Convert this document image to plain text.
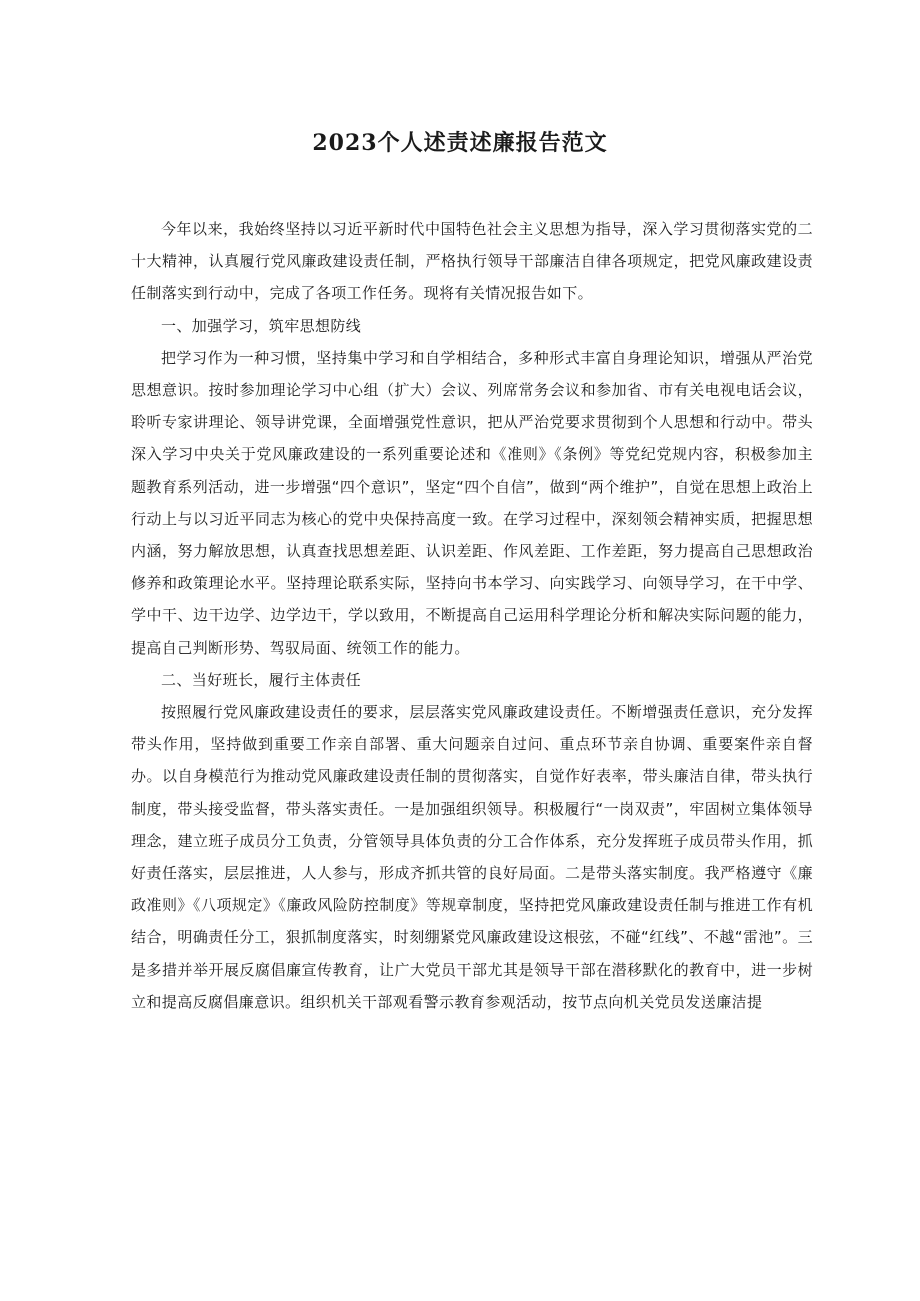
2023个人述责述廉报告范文

今年以来，我始终坚持以习近平新时代中国特色社会主义思想为指导，深入学习贯彻落实党的二十大精神，认真履行党风廉政建设责任制，严格执行领导干部廉洁自律各项规定，把党风廉政建设责任制落实到行动中，完成了各项工作任务。现将有关情况报告如下。

一、加强学习，筑牢思想防线

把学习作为一种习惯，坚持集中学习和自学相结合，多种形式丰富自身理论知识，增强从严治党思想意识。按时参加理论学习中心组（扩大）会议、列席常务会议和参加省、市有关电视电话会议，聆听专家讲理论、领导讲党课，全面增强党性意识，把从严治党要求贯彻到个人思想和行动中。带头深入学习中央关于党风廉政建设的一系列重要论述和《准则》《条例》等党纪党规内容，积极参加主题教育系列活动，进一步增强“四个意识”，坚定“四个自信”，做到“两个维护”，自觉在思想上政治上行动上与以习近平同志为核心的党中央保持高度一致。在学习过程中，深刻领会精神实质，把握思想内涵，努力解放思想，认真查找思想差距、认识差距、作风差距、工作差距，努力提高自己思想政治修养和政策理论水平。坚持理论联系实际，坚持向书本学习、向实践学习、向领导学习，在干中学、学中干、边干边学、边学边干，学以致用，不断提高自己运用科学理论分析和解决实际问题的能力，提高自己判断形势、驾驭局面、统领工作的能力。

二、当好班长，履行主体责任

按照履行党风廉政建设责任的要求，层层落实党风廉政建设责任。不断增强责任意识，充分发挥带头作用，坚持做到重要工作亲自部署、重大问题亲自过问、重点环节亲自协调、重要案件亲自督办。以自身模范行为推动党风廉政建设责任制的贯彻落实，自觉作好表率，带头廉洁自律，带头执行制度，带头接受监督，带头落实责任。一是加强组织领导。积极履行“一岗双责”，牢固树立集体领导理念，建立班子成员分工负责，分管领导具体负责的分工合作体系，充分发挥班子成员带头作用，抓好责任落实，层层推进，人人参与，形成齐抓共管的良好局面。二是带头落实制度。我严格遵守《廉政准则》《八项规定》《廉政风险防控制度》等规章制度，坚持把党风廉政建设责任制与推进工作有机结合，明确责任分工，狠抓制度落实，时刻绷紧党风廉政建设这根弦，不碰“红线”、不越“雷池”。三是多措并举开展反腐倡廉宣传教育，让广大党员干部尤其是领导干部在潜移默化的教育中，进一步树立和提高反腐倡廉意识。组织机关干部观看警示教育参观活动，按节点向机关党员发送廉洁提
